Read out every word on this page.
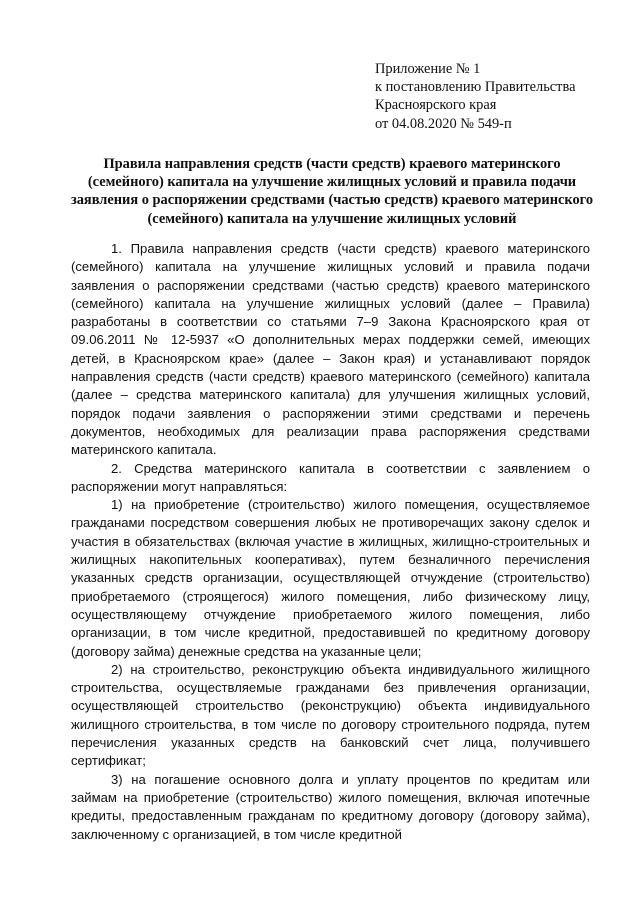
Приложение № 1
к постановлению Правительства
Красноярского края
от 04.08.2020 № 549-п
Правила направления средств (части средств) краевого материнского (семейного) капитала на улучшение жилищных условий и правила подачи заявления о распоряжении средствами (частью средств) краевого материнского (семейного) капитала на улучшение жилищных условий

1. Правила направления средств (части средств) краевого материнского (семейного) капитала на улучшение жилищных условий и правила подачи заявления о распоряжении средствами (частью средств) краевого материнского (семейного) капитала на улучшение жилищных условий (далее – Правила) разработаны в соответствии со статьями 7–9 Закона Красноярского края от 09.06.2011 № 12-5937 «О дополнительных мерах поддержки семей, имеющих детей, в Красноярском крае» (далее – Закон края) и устанавливают порядок направления средств (части средств) краевого материнского (семейного) капитала (далее – средства материнского капитала) для улучшения жилищных условий, порядок подачи заявления о распоряжении этими средствами и перечень документов, необходимых для реализации права распоряжения средствами материнского капитала.

2. Средства материнского капитала в соответствии с заявлением о распоряжении могут направляться:

1) на приобретение (строительство) жилого помещения, осуществляемое гражданами посредством совершения любых не противоречащих закону сделок и участия в обязательствах (включая участие в жилищных, жилищно-строительных и жилищных накопительных кооперативах), путем безналичного перечисления указанных средств организации, осуществляющей отчуждение (строительство) приобретаемого (строящегося) жилого помещения, либо физическому лицу, осуществляющему отчуждение приобретаемого жилого помещения, либо организации, в том числе кредитной, предоставившей по кредитному договору (договору займа) денежные средства на указанные цели;

2) на строительство, реконструкцию объекта индивидуального жилищного строительства, осуществляемые гражданами без привлечения организации, осуществляющей строительство (реконструкцию) объекта индивидуального жилищного строительства, в том числе по договору строительного подряда, путем перечисления указанных средств на банковский счет лица, получившего сертификат;

3) на погашение основного долга и уплату процентов по кредитам или займам на приобретение (строительство) жилого помещения, включая ипотечные кредиты, предоставленным гражданам по кредитному договору (договору займа), заключенному с организацией, в том числе кредитной
